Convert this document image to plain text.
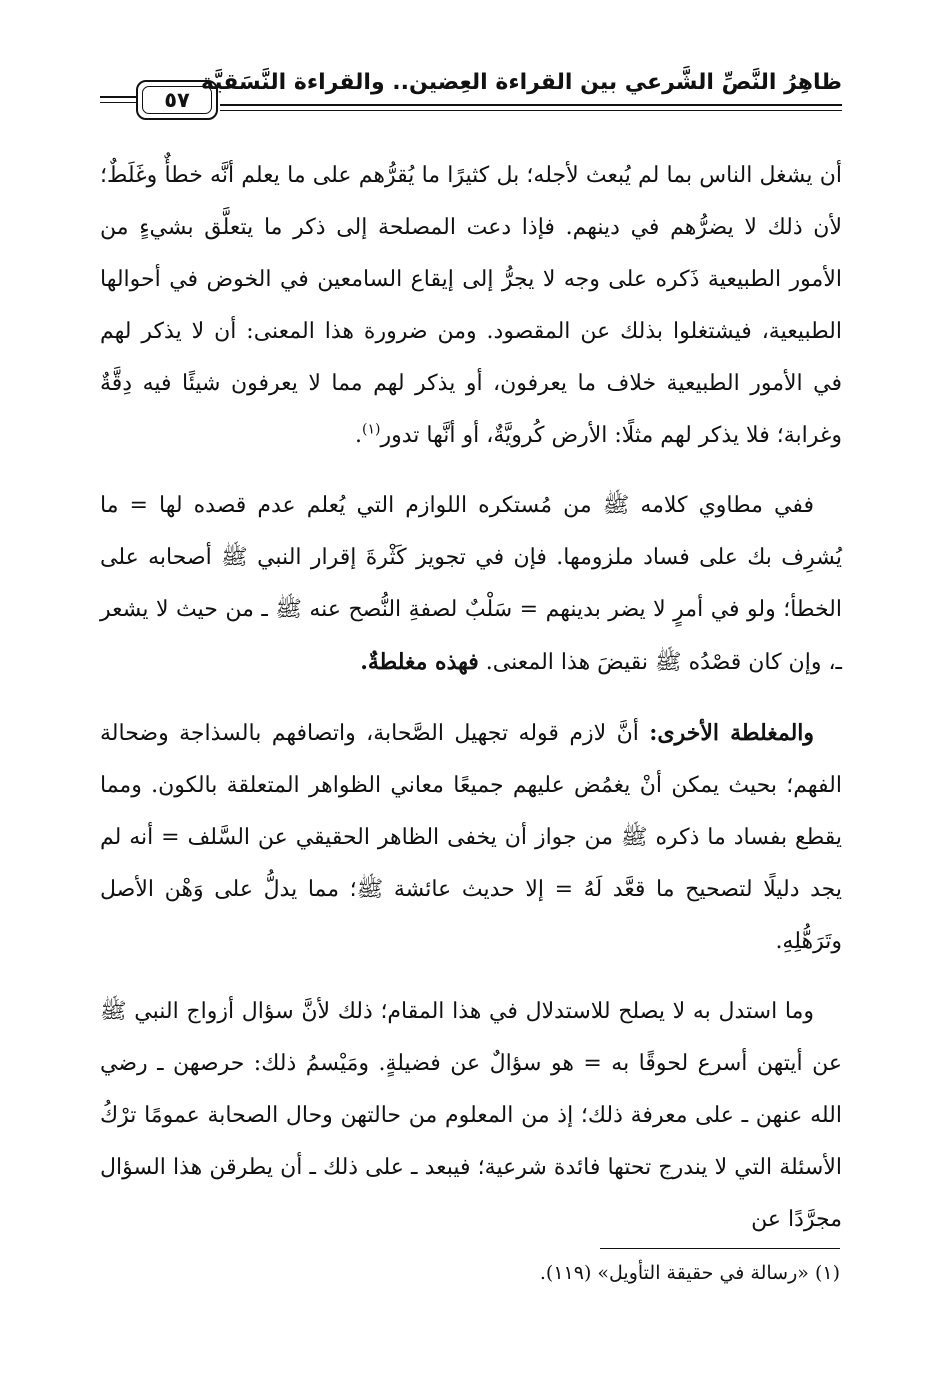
ظاهِرُ النَّصِّ الشَّرعي بين القراءة العِضين.. والقراءة النَّسَقيَّة
٥٧

أن يشغل الناس بما لم يُبعث لأجله؛ بل كثيرًا ما يُقرُّهم على ما يعلم أنَّه خطأٌ وغَلَطٌ؛ لأن ذلك لا يضرُّهم في دينهم. فإذا دعت المصلحة إلى ذكر ما يتعلَّق بشيءٍ من الأمور الطبيعية ذَكره على وجه لا يجرُّ إلى إيقاع السامعين في الخوض في أحوالها الطبيعية، فيشتغلوا بذلك عن المقصود. ومن ضرورة هذا المعنى: أن لا يذكر لهم في الأمور الطبيعية خلاف ما يعرفون، أو يذكر لهم مما لا يعرفون شيئًا فيه دِقَّةٌ وغرابة؛ فلا يذكر لهم مثلًا: الأرض كُرويَّةٌ، أو أنَّها تدور$^{(١)}$.

ففي مطاوي كلامه ﷺ من مُستكره اللوازم التي يُعلم عدم قصده لها = ما يُشرِف بك على فساد ملزومها. فإن في تجويز كَثْرةَ إقرار النبي ﷺ أصحابه على الخطأ؛ ولو في أمرٍ لا يضر بدينهم = سَلْبٌ لصفةِ النُّصح عنه ﷺ ـ من حيث لا يشعر ـ، وإن كان قصْدُه ﷺ نقيضَ هذا المعنى. فهذه مغلطةٌ.

والمغلطة الأخرى: أنَّ لازم قوله تجهيل الصَّحابة، واتصافهم بالسذاجة وضحالة الفهم؛ بحيث يمكن أنْ يغمُض عليهم جميعًا معاني الظواهر المتعلقة بالكون. ومما يقطع بفساد ما ذكره ﷺ من جواز أن يخفى الظاهر الحقيقي عن السَّلف = أنه لم يجد دليلًا لتصحيح ما قعَّد لَهُ = إلا حديث عائشة ﷺ؛ مما يدلُّ على وَهْن الأصل وتَرَهُّلِهِ.

وما استدل به لا يصلح للاستدلال في هذا المقام؛ ذلك لأنَّ سؤال أزواج النبي ﷺ عن أيتهن أسرع لحوقًا به = هو سؤالٌ عن فضيلةٍ. ومَيْسمُ ذلك: حرصهن ـ رضي الله عنهن ـ على معرفة ذلك؛ إذ من المعلوم من حالتهن وحال الصحابة عمومًا ترْكُ الأسئلة التي لا يندرج تحتها فائدة شرعية؛ فيبعد ـ على ذلك ـ أن يطرقن هذا السؤال مجرَّدًا عن

(١) «رسالة في حقيقة التأويل» (١١٩).
